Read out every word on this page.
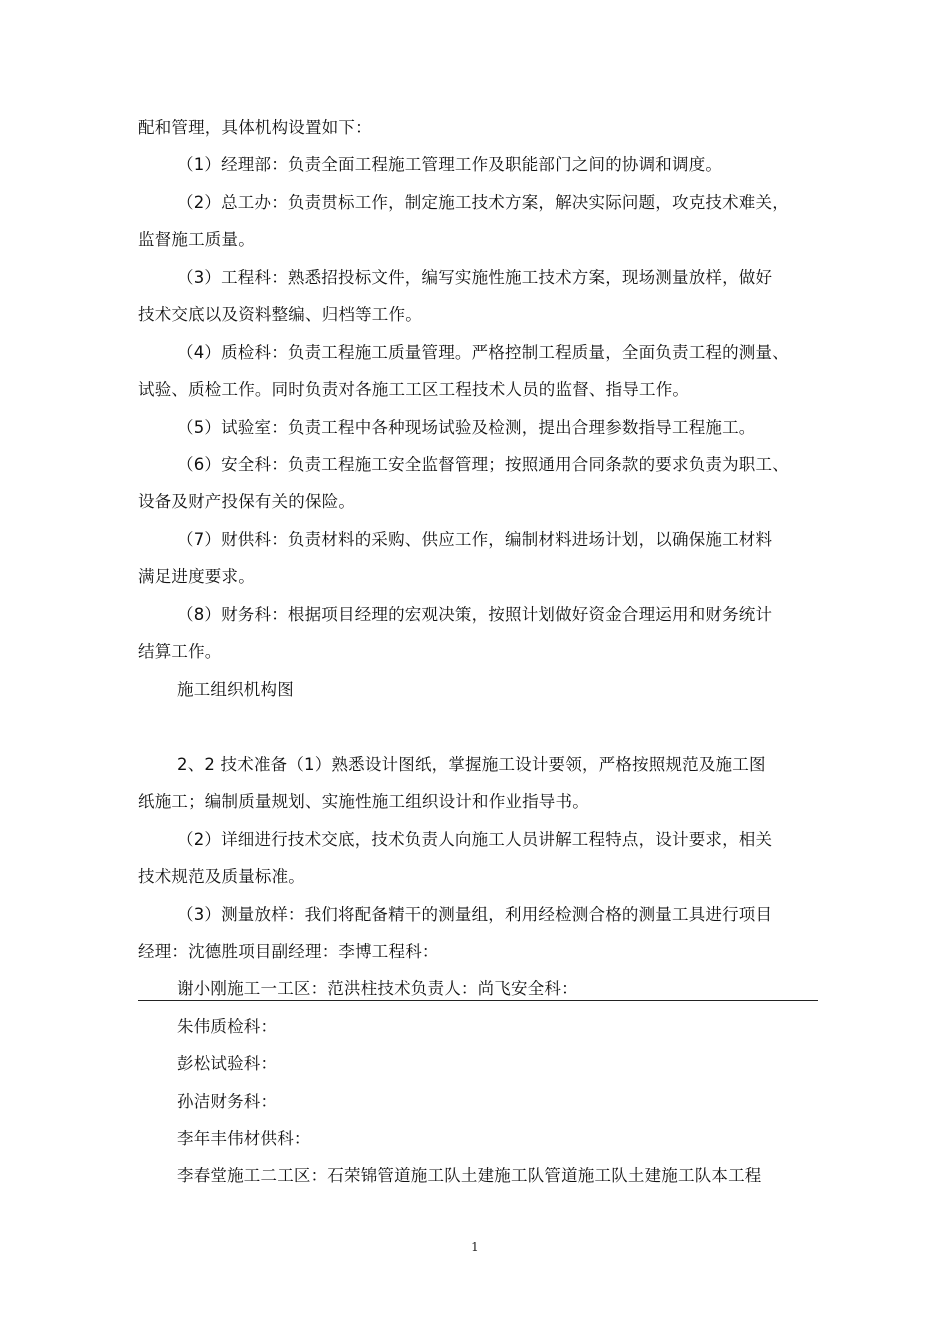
配和管理，具体机构设置如下：
（1）经理部：负责全面工程施工管理工作及职能部门之间的协调和调度。
（2）总工办：负责贯标工作，制定施工技术方案，解决实际问题，攻克技术难关，
监督施工质量。
（3）工程科：熟悉招投标文件，编写实施性施工技术方案，现场测量放样，做好
技术交底以及资料整编、归档等工作。
（4）质检科：负责工程施工质量管理。严格控制工程质量，全面负责工程的测量、
试验、质检工作。同时负责对各施工工区工程技术人员的监督、指导工作。
（5）试验室：负责工程中各种现场试验及检测，提出合理参数指导工程施工。
（6）安全科：负责工程施工安全监督管理；按照通用合同条款的要求负责为职工、
设备及财产投保有关的保险。
（7）财供科：负责材料的采购、供应工作，编制材料进场计划，以确保施工材料
满足进度要求。
（8）财务科：根据项目经理的宏观决策，按照计划做好资金合理运用和财务统计
结算工作。
施工组织机构图
2、2 技术准备（1）熟悉设计图纸，掌握施工设计要领，严格按照规范及施工图
纸施工；编制质量规划、实施性施工组织设计和作业指导书。
（2）详细进行技术交底，技术负责人向施工人员讲解工程特点，设计要求，相关
技术规范及质量标准。
（3）测量放样：我们将配备精干的测量组，利用经检测合格的测量工具进行项目
经理：沈德胜项目副经理：李博工程科：
谢小刚施工一工区：范洪柱技术负责人：尚飞安全科：
朱伟质检科：
彭松试验科：
孙洁财务科：
李年丰伟材供科：
李春堂施工二工区：石荣锦管道施工队土建施工队管道施工队土建施工队本工程
1
